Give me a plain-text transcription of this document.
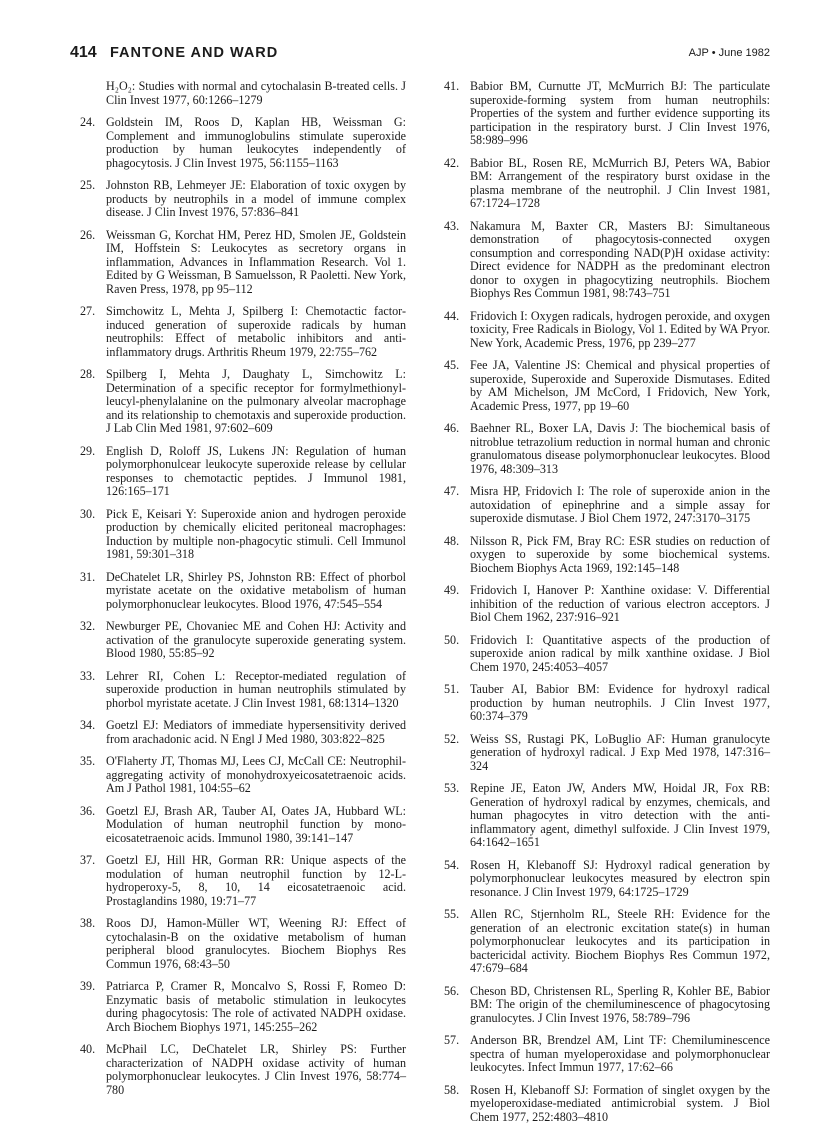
414 FANTONE AND WARD	AJP • June 1982
H₂O₂: Studies with normal and cytochalasin B-treated cells. J Clin Invest 1977, 60:1266–1279
24. Goldstein IM, Roos D, Kaplan HB, Weissman G: Complement and immunoglobulins stimulate superoxide production by human leukocytes independently of phagocytosis. J Clin Invest 1975, 56:1155–1163
25. Johnston RB, Lehmeyer JE: Elaboration of toxic oxygen by products by neutrophils in a model of immune complex disease. J Clin Invest 1976, 57:836–841
26. Weissman G, Korchat HM, Perez HD, Smolen JE, Goldstein IM, Hoffstein S: Leukocytes as secretory organs in inflammation, Advances in Inflammation Research. Vol 1. Edited by G Weissman, B Samuelsson, R Paoletti. New York, Raven Press, 1978, pp 95–112
27. Simchowitz L, Mehta J, Spilberg I: Chemotactic factor-induced generation of superoxide radicals by human neutrophils: Effect of metabolic inhibitors and anti-inflammatory drugs. Arthritis Rheum 1979, 22:755–762
28. Spilberg I, Mehta J, Daughaty L, Simchowitz L: Determination of a specific receptor for formylmethionyl-leucyl-phenylalanine on the pulmonary alveolar macrophage and its relationship to chemotaxis and superoxide production. J Lab Clin Med 1981, 97:602–609
29. English D, Roloff JS, Lukens JN: Regulation of human polymorphonulcear leukocyte superoxide release by cellular responses to chemotactic peptides. J Immunol 1981, 126:165–171
30. Pick E, Keisari Y: Superoxide anion and hydrogen peroxide production by chemically elicited peritoneal macrophages: Induction by multiple non-phagocytic stimuli. Cell Immunol 1981, 59:301–318
31. DeChatelet LR, Shirley PS, Johnston RB: Effect of phorbol myristate acetate on the oxidative metabolism of human polymorphonuclear leukocytes. Blood 1976, 47:545–554
32. Newburger PE, Chovaniec ME and Cohen HJ: Activity and activation of the granulocyte superoxide generating system. Blood 1980, 55:85–92
33. Lehrer RI, Cohen L: Receptor-mediated regulation of superoxide production in human neutrophils stimulated by phorbol myristate acetate. J Clin Invest 1981, 68:1314–1320
34. Goetzl EJ: Mediators of immediate hypersensitivity derived from arachadonic acid. N Engl J Med 1980, 303:822–825
35. O'Flaherty JT, Thomas MJ, Lees CJ, McCall CE: Neutrophil-aggregating activity of monohydroxyeicosatetraenoic acids. Am J Pathol 1981, 104:55–62
36. Goetzl EJ, Brash AR, Tauber AI, Oates JA, Hubbard WL: Modulation of human neutrophil function by mono-eicosatetraenoic acids. Immunol 1980, 39:141–147
37. Goetzl EJ, Hill HR, Gorman RR: Unique aspects of the modulation of human neutrophil function by 12-L-hydroperoxy-5, 8, 10, 14 eicosatetraenoic acid. Prostaglandins 1980, 19:71–77
38. Roos DJ, Hamon-Müller WT, Weening RJ: Effect of cytochalasin-B on the oxidative metabolism of human peripheral blood granulocytes. Biochem Biophys Res Commun 1976, 68:43–50
39. Patriarca P, Cramer R, Moncalvo S, Rossi F, Romeo D: Enzymatic basis of metabolic stimulation in leukocytes during phagocytosis: The role of activated NADPH oxidase. Arch Biochem Biophys 1971, 145:255–262
40. McPhail LC, DeChatelet LR, Shirley PS: Further characterization of NADPH oxidase activity of human polymorphonuclear leukocytes. J Clin Invest 1976, 58:774–780
41. Babior BM, Curnutte JT, McMurrich BJ: The particulate superoxide-forming system from human neutrophils: Properties of the system and further evidence supporting its participation in the respiratory burst. J Clin Invest 1976, 58:989–996
42. Babior BL, Rosen RE, McMurrich BJ, Peters WA, Babior BM: Arrangement of the respiratory burst oxidase in the plasma membrane of the neutrophil. J Clin Invest 1981, 67:1724–1728
43. Nakamura M, Baxter CR, Masters BJ: Simultaneous demonstration of phagocytosis-connected oxygen consumption and corresponding NAD(P)H oxidase activity: Direct evidence for NADPH as the predominant electron donor to oxygen in phagocytizing neutrophils. Biochem Biophys Res Commun 1981, 98:743–751
44. Fridovich I: Oxygen radicals, hydrogen peroxide, and oxygen toxicity, Free Radicals in Biology, Vol 1. Edited by WA Pryor. New York, Academic Press, 1976, pp 239–277
45. Fee JA, Valentine JS: Chemical and physical properties of superoxide, Superoxide and Superoxide Dismutases. Edited by AM Michelson, JM McCord, I Fridovich, New York, Academic Press, 1977, pp 19–60
46. Baehner RL, Boxer LA, Davis J: The biochemical basis of nitroblue tetrazolium reduction in normal human and chronic granulomatous disease polymorphonuclear leukocytes. Blood 1976, 48:309–313
47. Misra HP, Fridovich I: The role of superoxide anion in the autoxidation of epinephrine and a simple assay for superoxide dismutase. J Biol Chem 1972, 247:3170–3175
48. Nilsson R, Pick FM, Bray RC: ESR studies on reduction of oxygen to superoxide by some biochemical systems. Biochem Biophys Acta 1969, 192:145–148
49. Fridovich I, Hanover P: Xanthine oxidase: V. Differential inhibition of the reduction of various electron acceptors. J Biol Chem 1962, 237:916–921
50. Fridovich I: Quantitative aspects of the production of superoxide anion radical by milk xanthine oxidase. J Biol Chem 1970, 245:4053–4057
51. Tauber AI, Babior BM: Evidence for hydroxyl radical production by human neutrophils. J Clin Invest 1977, 60:374–379
52. Weiss SS, Rustagi PK, LoBuglio AF: Human granulocyte generation of hydroxyl radical. J Exp Med 1978, 147:316–324
53. Repine JE, Eaton JW, Anders MW, Hoidal JR, Fox RB: Generation of hydroxyl radical by enzymes, chemicals, and human phagocytes in vitro detection with the anti-inflammatory agent, dimethyl sulfoxide. J Clin Invest 1979, 64:1642–1651
54. Rosen H, Klebanoff SJ: Hydroxyl radical generation by polymorphonuclear leukocytes measured by electron spin resonance. J Clin Invest 1979, 64:1725–1729
55. Allen RC, Stjernholm RL, Steele RH: Evidence for the generation of an electronic excitation state(s) in human polymorphonuclear leukocytes and its participation in bactericidal activity. Biochem Biophys Res Commun 1972, 47:679–684
56. Cheson BD, Christensen RL, Sperling R, Kohler BE, Babior BM: The origin of the chemiluminescence of phagocytosing granulocytes. J Clin Invest 1976, 58:789–796
57. Anderson BR, Brendzel AM, Lint TF: Chemiluminescence spectra of human myeloperoxidase and polymorphonuclear leukocytes. Infect Immun 1977, 17:62–66
58. Rosen H, Klebanoff SJ: Formation of singlet oxygen by the myeloperoxidase-mediated antimicrobial system. J Biol Chem 1977, 252:4803–4810
